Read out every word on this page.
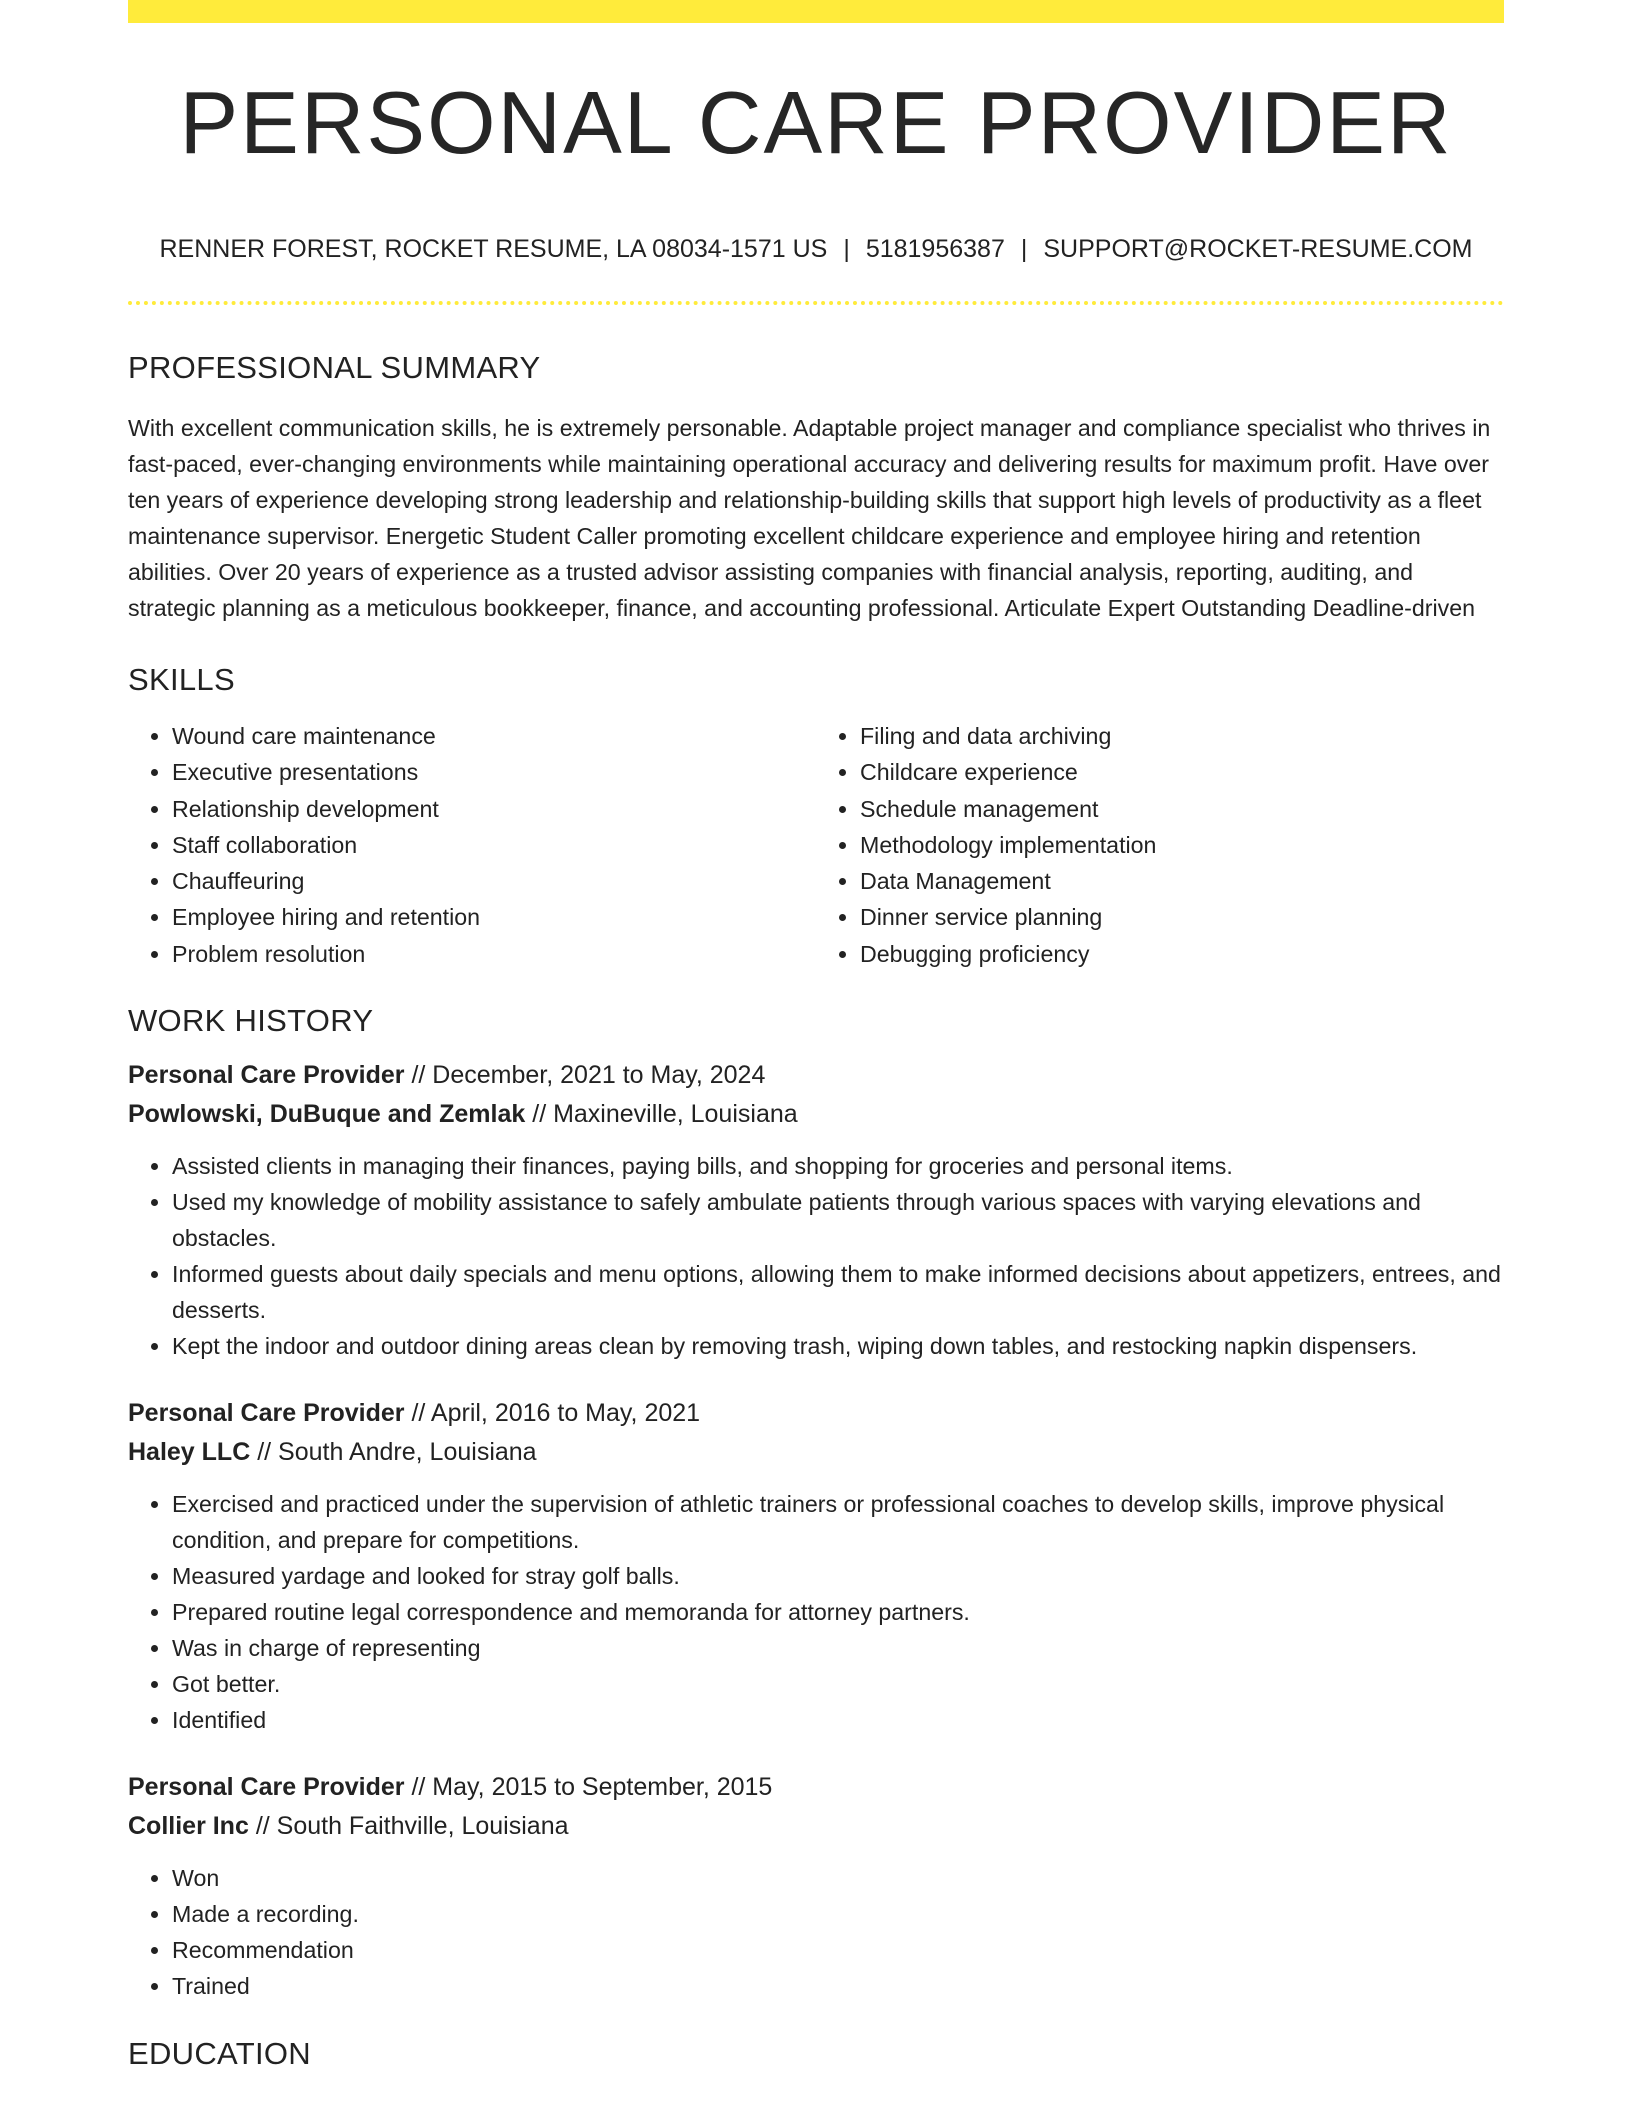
PERSONAL CARE PROVIDER
RENNER FOREST, ROCKET RESUME, LA 08034-1571 US | 5181956387 | SUPPORT@ROCKET-RESUME.COM
PROFESSIONAL SUMMARY

With excellent communication skills, he is extremely personable. Adaptable project manager and compliance specialist who thrives in fast-paced, ever-changing environments while maintaining operational accuracy and delivering results for maximum profit. Have over ten years of experience developing strong leadership and relationship-building skills that support high levels of productivity as a fleet maintenance supervisor. Energetic Student Caller promoting excellent childcare experience and employee hiring and retention abilities. Over 20 years of experience as a trusted advisor assisting companies with financial analysis, reporting, auditing, and strategic planning as a meticulous bookkeeper, finance, and accounting professional. Articulate Expert Outstanding Deadline-driven

SKILLS
• Wound care maintenance
• Executive presentations
• Relationship development
• Staff collaboration
• Chauffeuring
• Employee hiring and retention
• Problem resolution
• Filing and data archiving
• Childcare experience
• Schedule management
• Methodology implementation
• Data Management
• Dinner service planning
• Debugging proficiency
WORK HISTORY
Personal Care Provider // December, 2021 to May, 2024
Powlowski, DuBuque and Zemlak // Maxineville, Louisiana
• Assisted clients in managing their finances, paying bills, and shopping for groceries and personal items.
• Used my knowledge of mobility assistance to safely ambulate patients through various spaces with varying elevations and obstacles.
• Informed guests about daily specials and menu options, allowing them to make informed decisions about appetizers, entrees, and desserts.
• Kept the indoor and outdoor dining areas clean by removing trash, wiping down tables, and restocking napkin dispensers.
Personal Care Provider // April, 2016 to May, 2021
Haley LLC // South Andre, Louisiana
• Exercised and practiced under the supervision of athletic trainers or professional coaches to develop skills, improve physical condition, and prepare for competitions.
• Measured yardage and looked for stray golf balls.
• Prepared routine legal correspondence and memoranda for attorney partners.
• Was in charge of representing
• Got better.
• Identified
Personal Care Provider // May, 2015 to September, 2015
Collier Inc // South Faithville, Louisiana
• Won
• Made a recording.
• Recommendation
• Trained
EDUCATION
